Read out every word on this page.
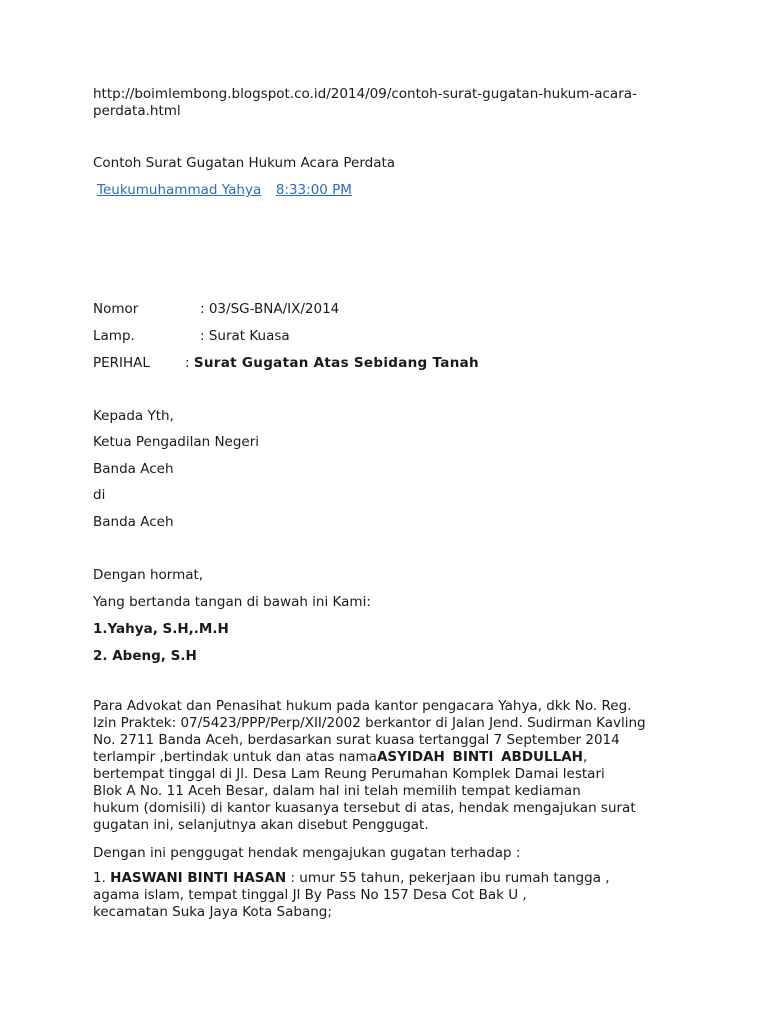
http://boimlembong.blogspot.co.id/2014/09/contoh-surat-gugatan-hukum-acara-
perdata.html
Contoh Surat Gugatan Hukum Acara Perdata
Teukumuhammad Yahya 8:33:00 PM
Nomor	: 03/SG-BNA/IX/2014
Lamp.	: Surat Kuasa
PERIHAL	: Surat Gugatan Atas Sebidang Tanah
Kepada Yth,
Ketua Pengadilan Negeri
Banda Aceh
di
Banda Aceh
Dengan hormat,
Yang bertanda tangan di bawah ini Kami:
1.Yahya, S.H,.M.H
2. Abeng, S.H
Para Advokat dan Penasihat hukum pada kantor pengacara Yahya, dkk No. Reg.
Izin Praktek: 07/5423/PPP/Perp/XII/2002 berkantor di Jalan Jend. Sudirman Kavling
No. 2711 Banda Aceh, berdasarkan surat kuasa tertanggal 7 September 2014
terlampir ,bertindak untuk dan atas namaASYIDAH BINTI ABDULLAH,
bertempat tinggal di Jl. Desa Lam Reung Perumahan Komplek Damai lestari
Blok A No. 11 Aceh Besar, dalam hal ini telah memilih tempat kediaman
hukum (domisili) di kantor kuasanya tersebut di atas, hendak mengajukan surat
gugatan ini, selanjutnya akan disebut Penggugat.
Dengan ini penggugat hendak mengajukan gugatan terhadap :
1. HASWANI BINTI HASAN : umur 55 tahun, pekerjaan ibu rumah tangga ,
agama islam, tempat tinggal Jl By Pass No 157 Desa Cot Bak U ,
kecamatan Suka Jaya Kota Sabang;
